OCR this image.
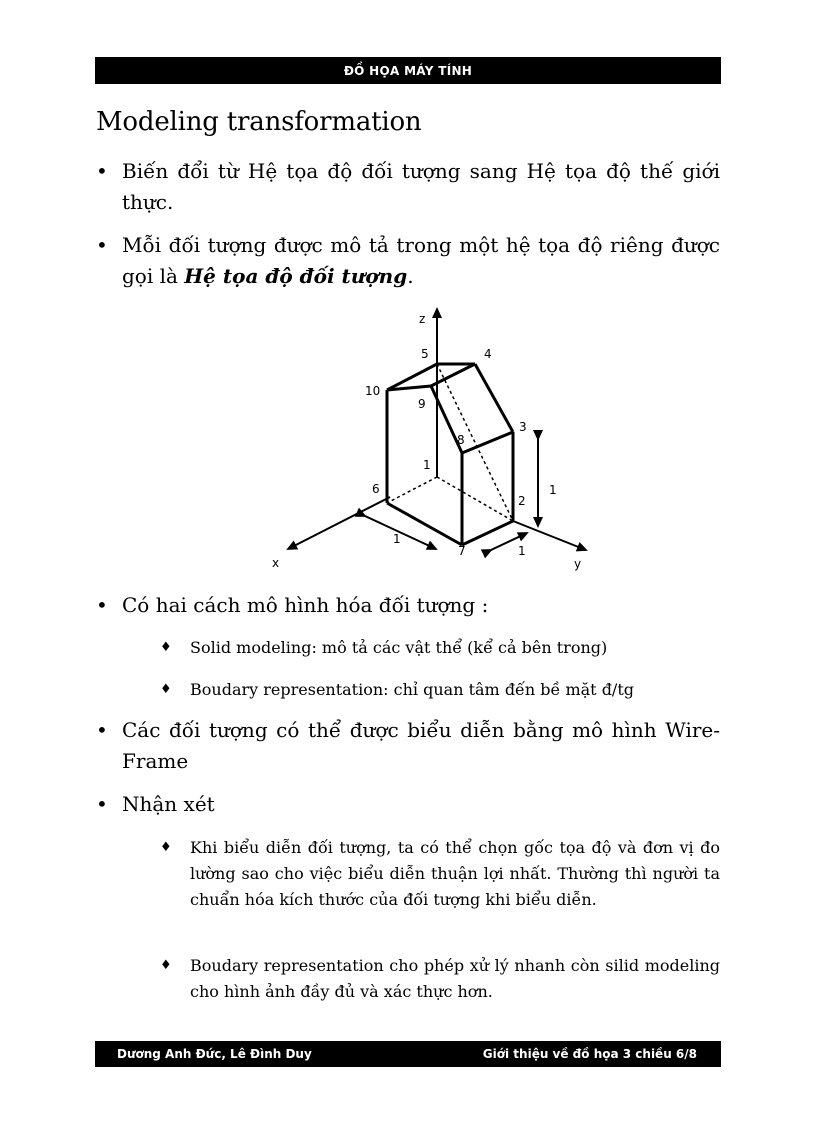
ĐỒ HỌA MÁY TÍNH
Modeling transformation
• Biến đổi từ Hệ tọa độ đối tượng sang Hệ tọa độ thế giới thực.
• Mỗi đối tượng được mô tả trong một hệ tọa độ riêng được gọi là Hệ tọa độ đối tượng.
z
x	y
5	4
10
9
3
8
1
6
2
7
1
1
1
• Có hai cách mô hình hóa đối tượng :
♦ Solid modeling: mô tả các vật thể (kể cả bên trong)
♦ Boudary representation: chỉ quan tâm đến bề mặt đ/tg
• Các đối tượng có thể được biểu diễn bằng mô hình Wire-Frame
• Nhận xét
♦ Khi biểu diễn đối tượng, ta có thể chọn gốc tọa độ và đơn vị đo lường sao cho việc biểu diễn thuận lợi nhất. Thường thì người ta chuẩn hóa kích thước của đối tượng khi biểu diễn.
♦ Boudary representation cho phép xử lý nhanh còn silid modeling cho hình ảnh đầy đủ và xác thực hơn.
Dương Anh Đức, Lê Đình Duy	Giới thiệu về đồ họa 3 chiều 6/8
